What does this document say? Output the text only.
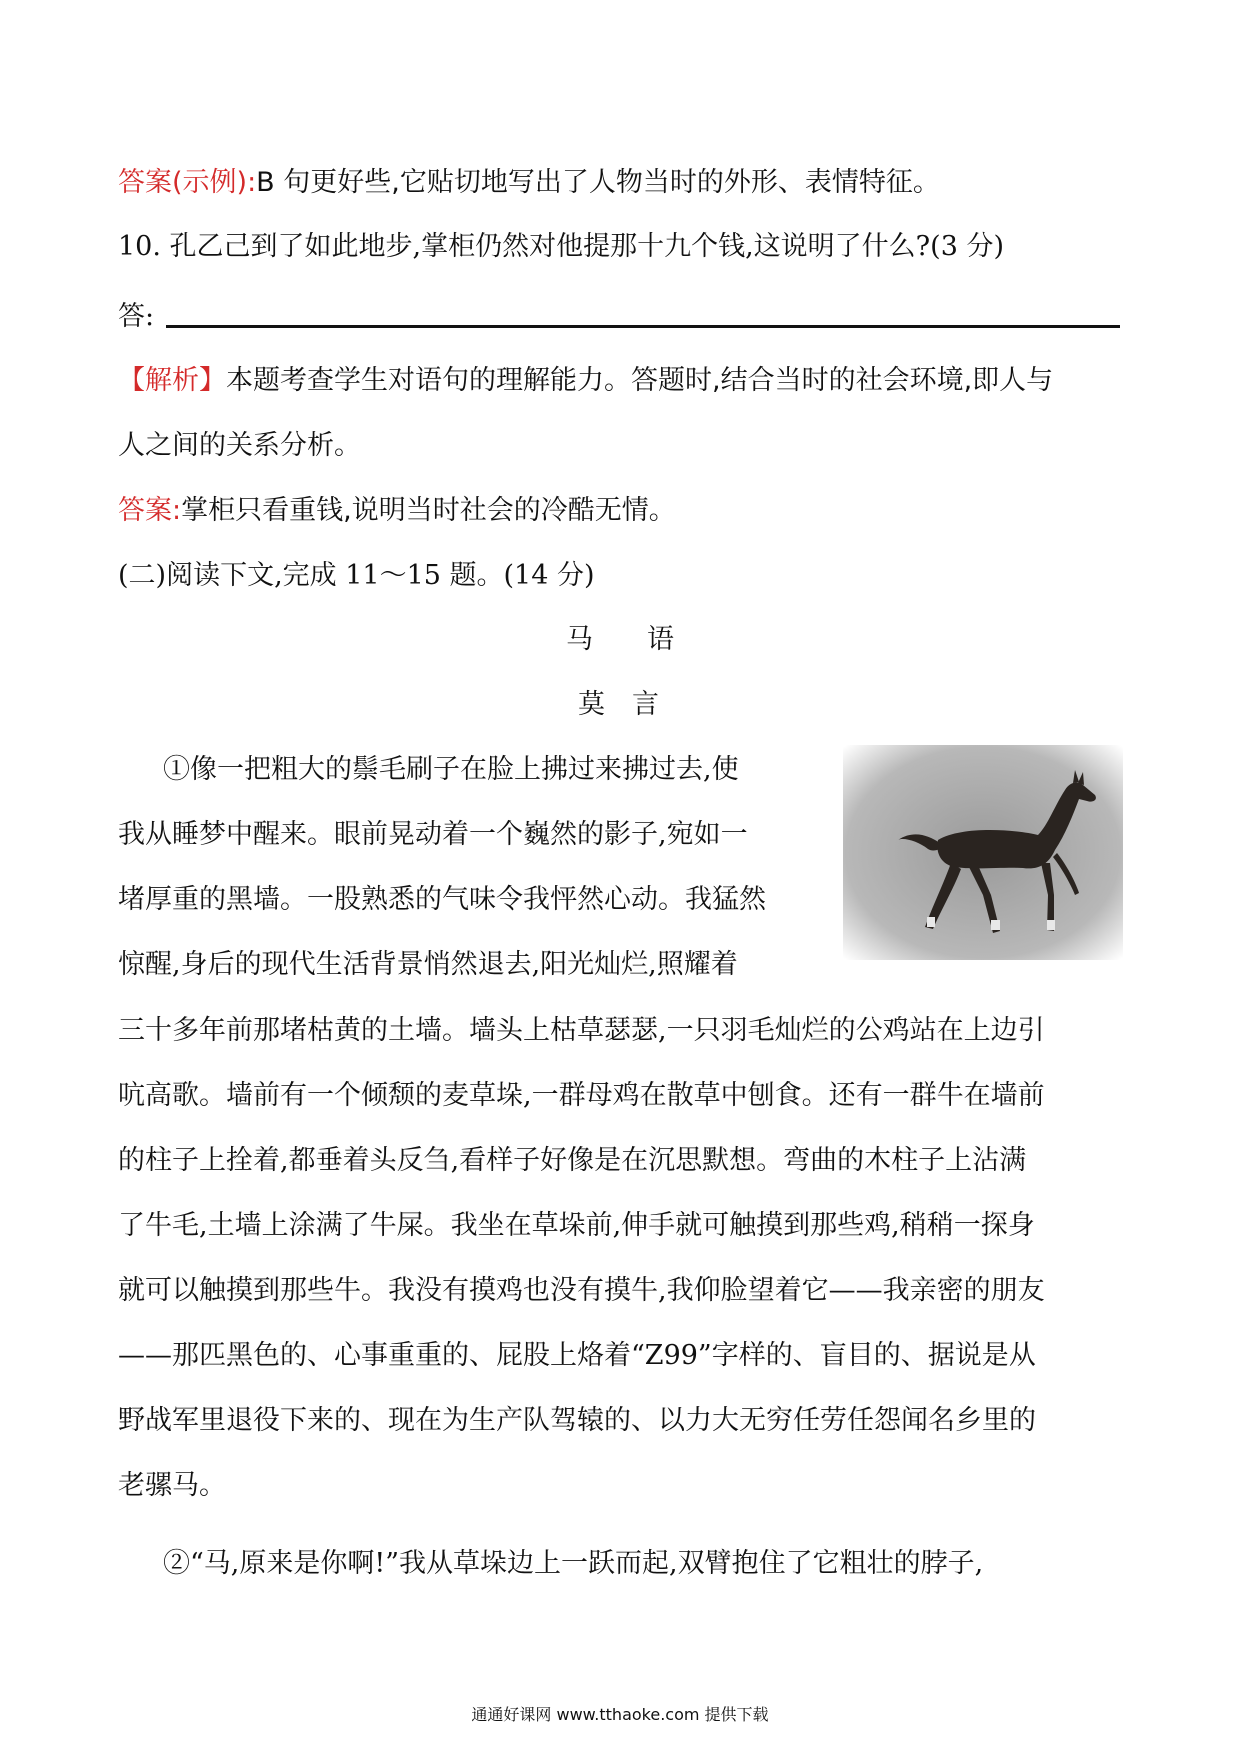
答案(示例):B 句更好些,它贴切地写出了人物当时的外形、表情特征。
10. 孔乙己到了如此地步,掌柜仍然对他提那十九个钱,这说明了什么?(3 分)
答:
【解析】本题考查学生对语句的理解能力。答题时,结合当时的社会环境,即人与
人之间的关系分析。
答案:掌柜只看重钱,说明当时社会的冷酷无情。
(二)阅读下文,完成 11～15 题。(14 分)
马　　语
莫　言
①像一把粗大的鬃毛刷子在脸上拂过来拂过去,使
我从睡梦中醒来。眼前晃动着一个巍然的影子,宛如一
堵厚重的黑墙。一股熟悉的气味令我怦然心动。我猛然
惊醒,身后的现代生活背景悄然退去,阳光灿烂,照耀着
三十多年前那堵枯黄的土墙。墙头上枯草瑟瑟,一只羽毛灿烂的公鸡站在上边引
吭高歌。墙前有一个倾颓的麦草垛,一群母鸡在散草中刨食。还有一群牛在墙前
的柱子上拴着,都垂着头反刍,看样子好像是在沉思默想。弯曲的木柱子上沾满
了牛毛,土墙上涂满了牛屎。我坐在草垛前,伸手就可触摸到那些鸡,稍稍一探身
就可以触摸到那些牛。我没有摸鸡也没有摸牛,我仰脸望着它——我亲密的朋友
——那匹黑色的、心事重重的、屁股上烙着“Z99”字样的、盲目的、据说是从
野战军里退役下来的、现在为生产队驾辕的、以力大无穷任劳任怨闻名乡里的
老骡马。
②“马,原来是你啊!”我从草垛边上一跃而起,双臂抱住了它粗壮的脖子,
通通好课网 www.tthaoke.com 提供下载
